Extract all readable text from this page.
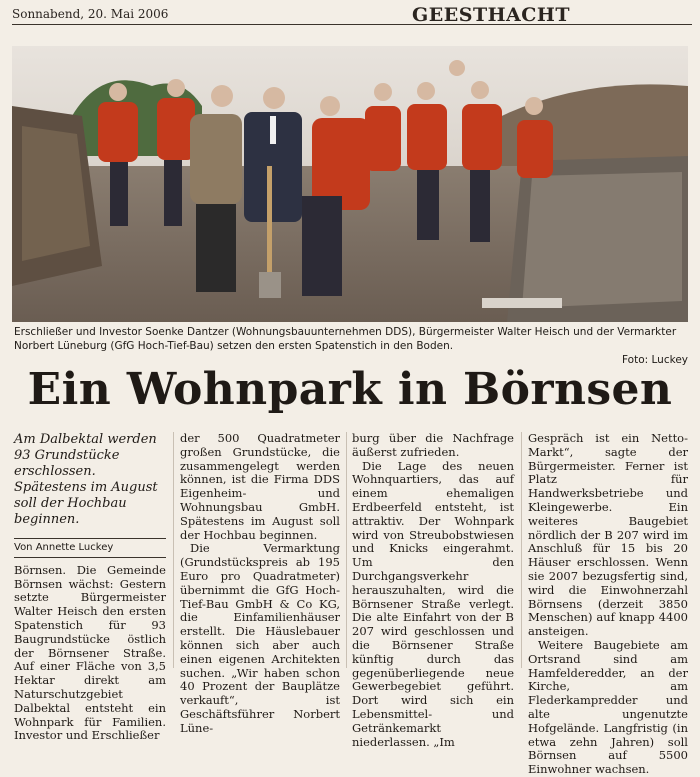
Sonnabend, 20. Mai 2006	GEESTHACHT
Erschließer und Investor Soenke Dantzer (Wohnungsbauunternehmen DDS), Bürgermeister Walter Heisch und der Vermarkter Norbert Lüneburg (GfG Hoch-Tief-Bau) setzen den ersten Spatenstich in den Boden.
Foto: Luckey
Ein Wohnpark in Börnsen

Am Dalbektal werden 93 Grundstücke erschlossen. Spätestens im August soll der Hochbau beginnen.

Von Annette Luckey

Börnsen. Die Gemeinde Börnsen wächst: Gestern setzte Bürgermeister Walter Heisch den ersten Spatenstich für 93 Baugrundstücke östlich der Börnsener Straße. Auf einer Fläche von 3,5 Hektar direkt am Naturschutzgebiet Dalbektal entsteht ein Wohnpark für Familien. Investor und Erschließer

der 500 Quadratmeter großen Grundstücke, die zusammengelegt werden können, ist die Firma DDS Eigenheim- und Wohnungsbau GmbH. Spätestens im August soll der Hochbau beginnen.

Die Vermarktung (Grundstückspreis ab 195 Euro pro Quadratmeter) übernimmt die GfG Hoch-Tief-Bau GmbH & Co KG, die Einfamilienhäuser erstellt. Die Häuslebauer können sich aber auch einen eigenen Architekten suchen. „Wir haben schon 40 Prozent der Bauplätze verkauft“, ist Geschäftsführer Norbert Lüne-

burg über die Nachfrage äußerst zufrieden.

Die Lage des neuen Wohnquartiers, das auf einem ehemaligen Erdbeerfeld entsteht, ist attraktiv. Der Wohnpark wird von Streubobstwiesen und Knicks eingerahmt. Um den Durchgangsverkehr herauszuhalten, wird die Börnsener Straße verlegt. Die alte Einfahrt von der B 207 wird geschlossen und die Börnsener Straße künftig durch das gegenüberliegende neue Gewerbegebiet geführt. Dort wird sich ein Lebensmittel- und Getränkemarkt niederlassen. „Im

Gespräch ist ein Netto-Markt“, sagte der Bürgermeister. Ferner ist Platz für Handwerksbetriebe und Kleingewerbe. Ein weiteres Baugebiet nördlich der B 207 wird im Anschluß für 15 bis 20 Häuser erschlossen. Wenn sie 2007 bezugsfertig sind, wird die Einwohnerzahl Börnsens (derzeit 3850 Menschen) auf knapp 4400 ansteigen.

Weitere Baugebiete am Ortsrand sind am Hamfelderedder, an der Kirche, am Flederkampredder und alte ungenutzte Hofgelände. Langfristig (in etwa zehn Jahren) soll Börnsen auf 5500 Einwohner wachsen.
